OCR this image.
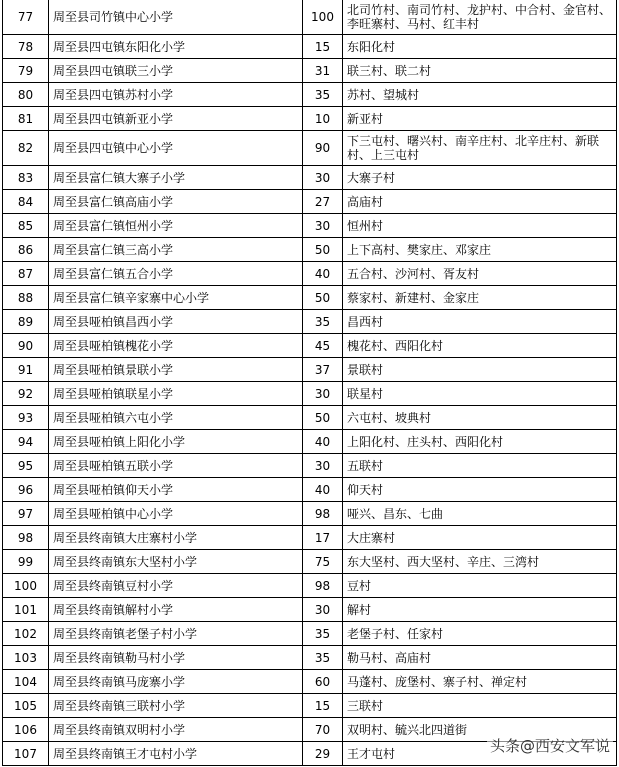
77	周至县司竹镇中心小学	100	北司竹村、南司竹村、龙护村、中合村、金官村、李旺寨村、马村、红丰村
78	周至县四屯镇东阳化小学	15	东阳化村
79	周至县四屯镇联三小学	31	联三村、联二村
80	周至县四屯镇苏村小学	35	苏村、望城村
81	周至县四屯镇新亚小学	10	新亚村
82	周至县四屯镇中心小学	90	下三屯村、曙兴村、南辛庄村、北辛庄村、新联村、上三屯村
83	周至县富仁镇大寨子小学	30	大寨子村
84	周至县富仁镇高庙小学	27	高庙村
85	周至县富仁镇恒州小学	30	恒州村
86	周至县富仁镇三高小学	50	上下高村、樊家庄、邓家庄
87	周至县富仁镇五合小学	40	五合村、沙河村、胥友村
88	周至县富仁镇辛家寨中心小学	50	蔡家村、新建村、金家庄
89	周至县哑柏镇昌西小学	35	昌西村
90	周至县哑柏镇槐花小学	45	槐花村、西阳化村
91	周至县哑柏镇景联小学	37	景联村
92	周至县哑柏镇联星小学	30	联星村
93	周至县哑柏镇六屯小学	50	六屯村、坡典村
94	周至县哑柏镇上阳化小学	40	上阳化村、庄头村、西阳化村
95	周至县哑柏镇五联小学	30	五联村
96	周至县哑柏镇仰天小学	40	仰天村
97	周至县哑柏镇中心小学	98	哑兴、昌东、七曲
98	周至县终南镇大庄寨村小学	17	大庄寨村
99	周至县终南镇东大坚村小学	75	东大坚村、西大坚村、辛庄、三湾村
100	周至县终南镇豆村小学	98	豆村
101	周至县终南镇解村小学	30	解村
102	周至县终南镇老堡子村小学	35	老堡子村、任家村
103	周至县终南镇勒马村小学	35	勒马村、高庙村
104	周至县终南镇马庞寨小学	60	马蓬村、庞堡村、寨子村、禅定村
105	周至县终南镇三联村小学	15	三联村
106	周至县终南镇双明村小学	70	双明村、毓兴北四道街
107	周至县终南镇王才屯村小学	29	王才屯村	头条@西安文军说
